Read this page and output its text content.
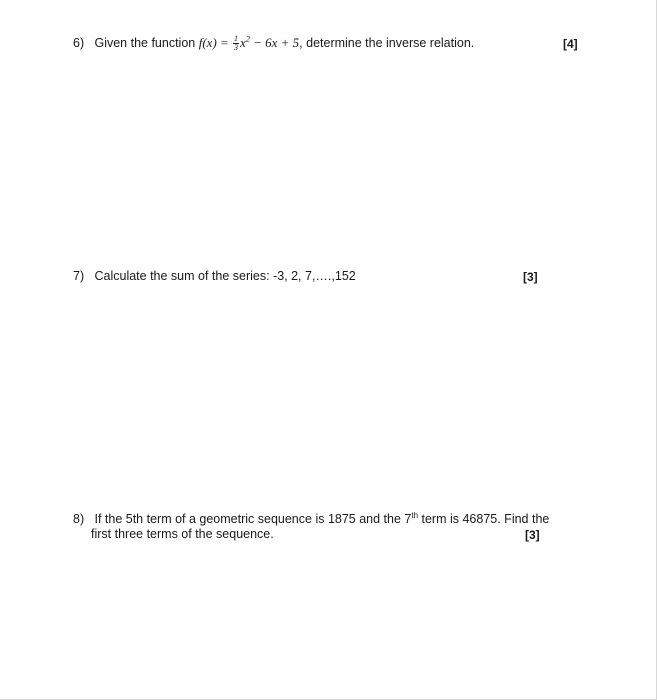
6) Given the function $f(x) = \frac{1}{3} x^2 - 6x + 5$, determine the inverse relation.	[4]
7) Calculate the sum of the series: -3, 2, 7,….,152	[3]
8) If the 5th term of a geometric sequence is 1875 and the 7th term is 46875. Find the
first three terms of the sequence.	[3]
